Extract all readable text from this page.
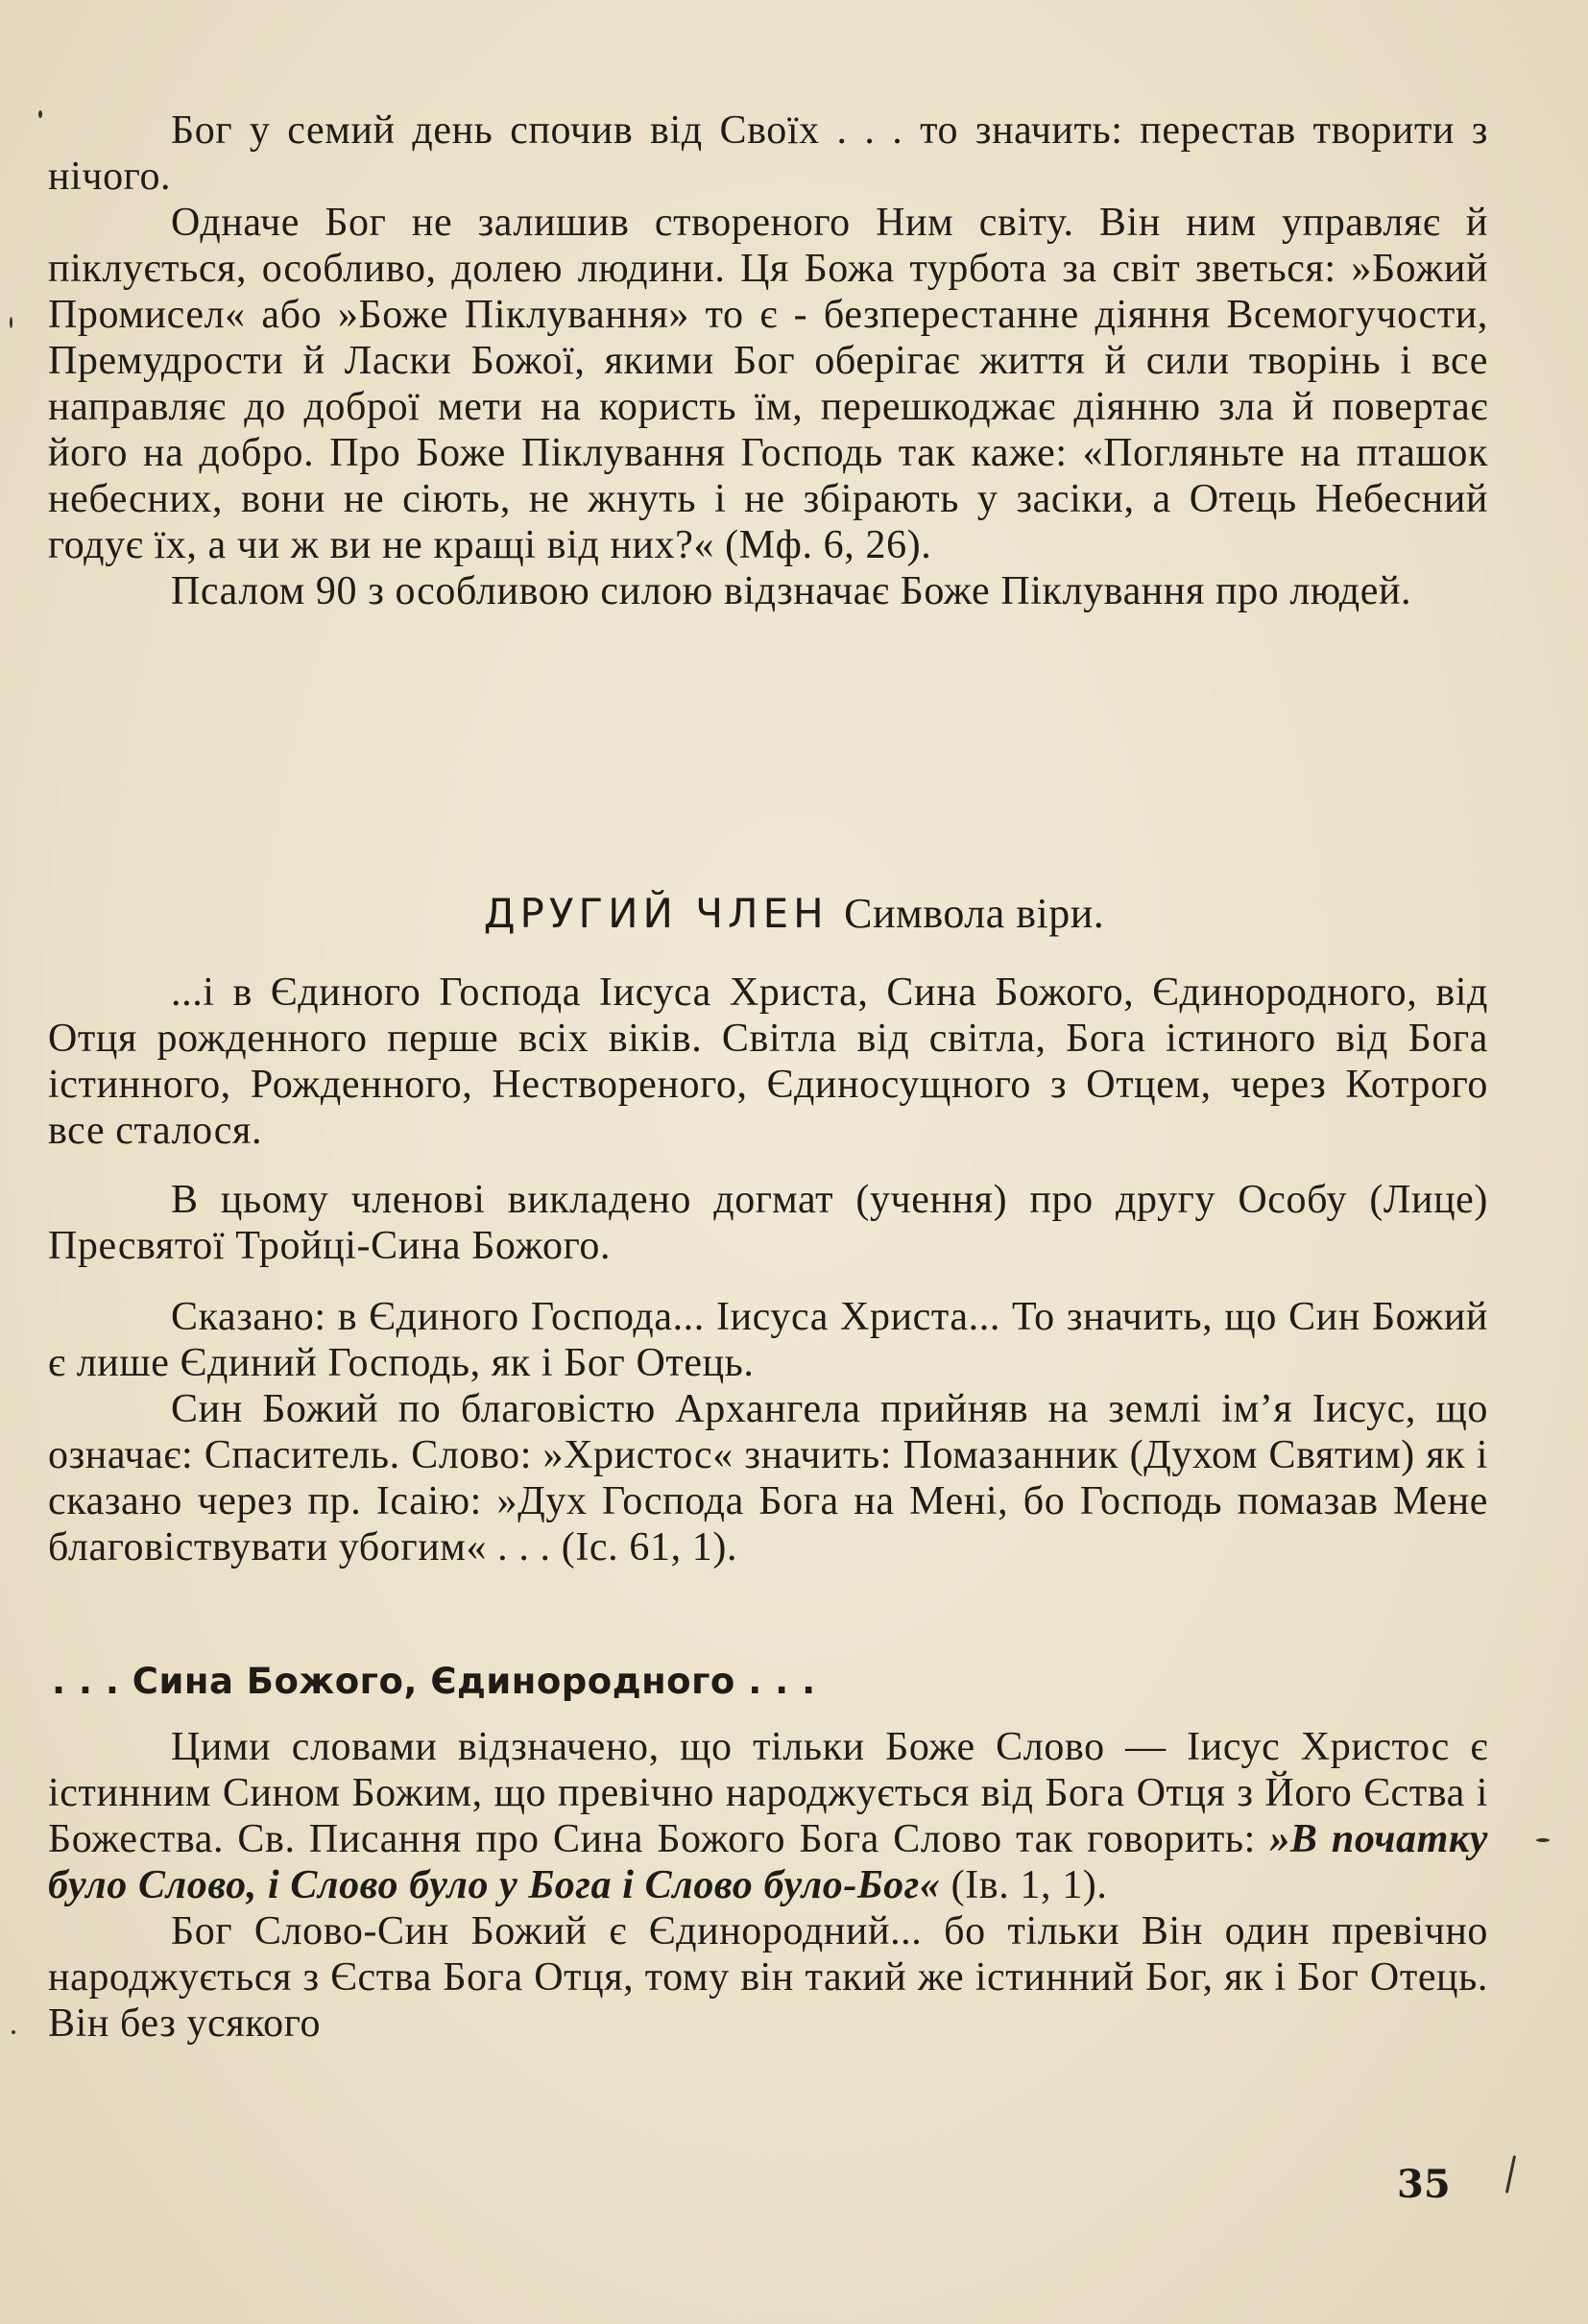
Бог у семий день спочив від Своїх . . . то значить: перестав творити з нічого.

Одначе Бог не залишив створеного Ним світу. Він ним управляє й піклується, особливо, долею людини. Ця Божа турбота за світ зветься: »Божий Промисел« або »Боже Піклування» то є - безперестанне діяння Всемогучости, Премудрости й Ласки Божої, якими Бог оберігає життя й сили творінь і все направляє до доброї мети на користь їм, перешкоджає діянню зла й повертає його на добро. Про Боже Піклування Господь так каже: «Погляньте на пташок небесних, вони не сіють, не жнуть і не збірають у засіки, а Отець Небесний годує їх, а чи ж ви не кращі від них?« (Мф. 6, 26).

Псалом 90 з особливою силою відзначає Боже Піклування про людей.

ДРУГИЙ ЧЛЕН Символа віри.

...і в Єдиного Господа Іисуса Христа, Сина Божого, Єдинородного, від Отця рожденного перше всіх віків. Світла від світла, Бога істиного від Бога істинного, Рожденного, Нествореного, Єдиносущного з Отцем, через Котрого все сталося.

В цьому членові викладено догмат (учення) про другу Особу (Лице) Пресвятої Тройці-Сина Божого.

Сказано: в Єдиного Господа... Іисуса Христа... То значить, що Син Божий є лише Єдиний Господь, як і Бог Отець.

Син Божий по благовістю Архангела прийняв на землі ім’я Іисус, що означає: Спаситель. Слово: »Христос« значить: Помазанник (Духом Святим) як і сказано через пр. Ісаію: »Дух Господа Бога на Мені, бо Господь помазав Мене благовіствувати убогим« . . . (Іс. 61, 1).

. . . Сина Божого, Єдинородного . . .

Цими словами відзначено, що тільки Боже Слово — Іисус Христос є істинним Сином Божим, що превічно народжується від Бога Отця з Його Єства і Божества. Св. Писання про Сина Божого Бога Слово так говорить: »В початку було Слово, і Слово було у Бога і Слово було-Бог« (Ів. 1, 1).

Бог Слово-Син Божий є Єдинородний... бо тільки Він один превічно народжується з Єства Бога Отця, тому він такий же істинний Бог, як і Бог Отець. Він без усякого

35
